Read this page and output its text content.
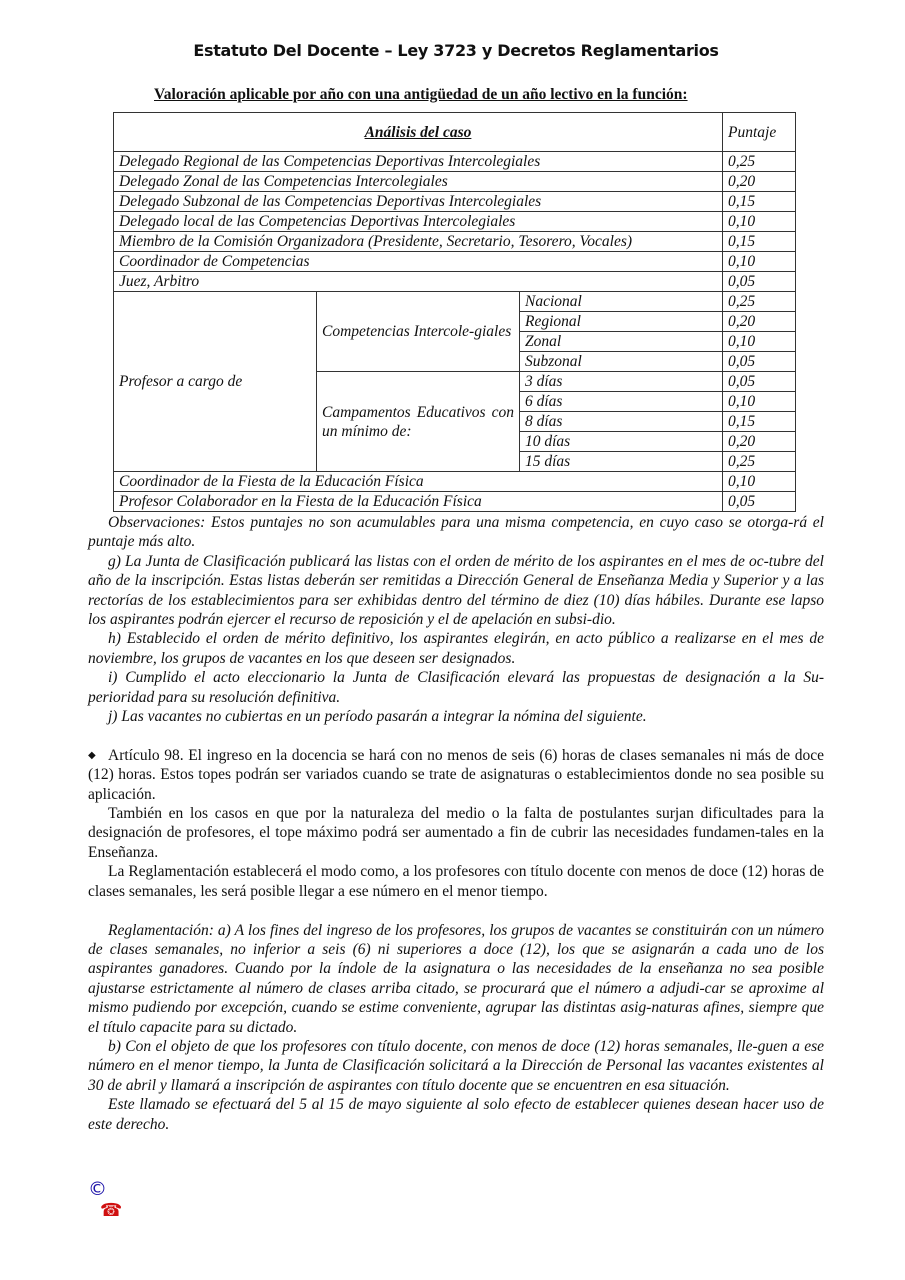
Estatuto Del Docente – Ley 3723 y Decretos Reglamentarios
Valoración aplicable por año con una antigüedad de un año lectivo en la función:
Análisis del caso			Puntaje
Delegado Regional de las Competencias Deportivas Intercolegiales			0,25
Delegado Zonal de las Competencias Intercolegiales			0,20
Delegado Subzonal de las Competencias Deportivas Intercolegiales			0,15
Delegado local de las Competencias Deportivas Intercolegiales			0,10
Miembro de la Comisión Organizadora (Presidente, Secretario, Tesorero, Vocales)			0,15
Coordinador de Competencias			0,10
Juez, Arbitro			0,05
Profesor a cargo de	Competencias Intercole-giales	Nacional	0,25
		Regional	0,20
		Zonal	0,10
		Subzonal	0,05
	Campamentos Educativos con un mínimo de:	3 días	0,05
		6 días	0,10
		8 días	0,15
		10 días	0,20
		15 días	0,25
Coordinador de la Fiesta de la Educación Física			0,10
Profesor Colaborador en la Fiesta de la Educación Física			0,05

Observaciones: Estos puntajes no son acumulables para una misma competencia, en cuyo caso se otorga-rá el puntaje más alto.

g) La Junta de Clasificación publicará las listas con el orden de mérito de los aspirantes en el mes de oc-tubre del año de la inscripción. Estas listas deberán ser remitidas a Dirección General de Enseñanza Media y Superior y a las rectorías de los establecimientos para ser exhibidas dentro del término de diez (10) días hábiles. Durante ese lapso los aspirantes podrán ejercer el recurso de reposición y el de apelación en subsi-dio.

h) Establecido el orden de mérito definitivo, los aspirantes elegirán, en acto público a realizarse en el mes de noviembre, los grupos de vacantes en los que deseen ser designados.

i) Cumplido el acto eleccionario la Junta de Clasificación elevará las propuestas de designación a la Su-perioridad para su resolución definitiva.

j) Las vacantes no cubiertas en un período pasarán a integrar la nómina del siguiente.

◆ Artículo 98. El ingreso en la docencia se hará con no menos de seis (6) horas de clases semanales ni más de doce (12) horas. Estos topes podrán ser variados cuando se trate de asignaturas o establecimientos donde no sea posible su aplicación.

También en los casos en que por la naturaleza del medio o la falta de postulantes surjan dificultades para la designación de profesores, el tope máximo podrá ser aumentado a fin de cubrir las necesidades fundamen-tales en la Enseñanza.

La Reglamentación establecerá el modo como, a los profesores con título docente con menos de doce (12) horas de clases semanales, les será posible llegar a ese número en el menor tiempo.

Reglamentación: a) A los fines del ingreso de los profesores, los grupos de vacantes se constituirán con un número de clases semanales, no inferior a seis (6) ni superiores a doce (12), los que se asignarán a cada uno de los aspirantes ganadores. Cuando por la índole de la asignatura o las necesidades de la enseñanza no sea posible ajustarse estrictamente al número de clases arriba citado, se procurará que el número a adjudi-car se aproxime al mismo pudiendo por excepción, cuando se estime conveniente, agrupar las distintas asig-naturas afines, siempre que el título capacite para su dictado.

b) Con el objeto de que los profesores con título docente, con menos de doce (12) horas semanales, lle-guen a ese número en el menor tiempo, la Junta de Clasificación solicitará a la Dirección de Personal las vacantes existentes al 30 de abril y llamará a inscripción de aspirantes con título docente que se encuentren en esa situación.

Este llamado se efectuará del 5 al 15 de mayo siguiente al solo efecto de establecer quienes desean hacer uso de este derecho.

©
☎
